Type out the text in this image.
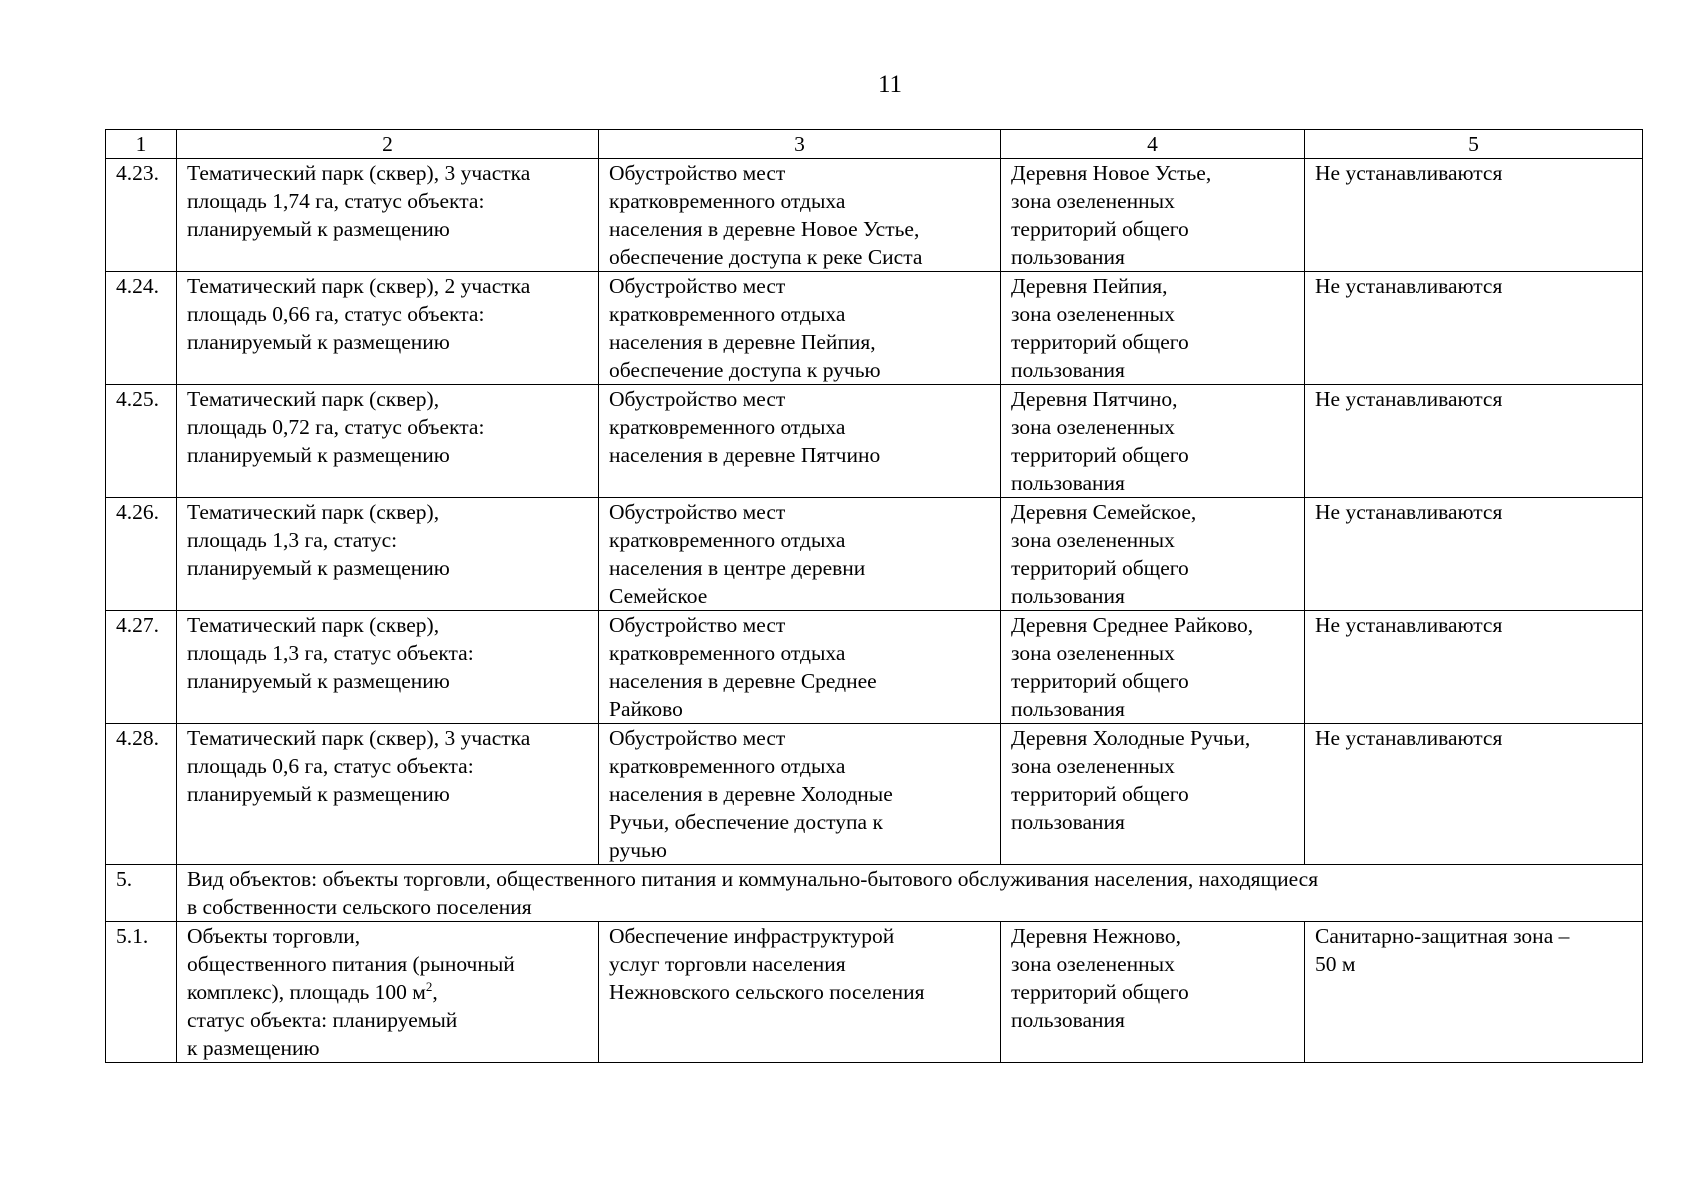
11
1	2	3	4	5
4.23.	Тематический парк (сквер), 3 участка
площадь 1,74 га, статус объекта:
планируемый к размещению	Обустройство мест
кратковременного отдыха
населения в деревне Новое Устье,
обеспечение доступа к реке Систа	Деревня Новое Устье,
зона озелененных
территорий общего
пользования	Не устанавливаются
4.24.	Тематический парк (сквер), 2 участка
площадь 0,66 га, статус объекта:
планируемый к размещению	Обустройство мест
кратковременного отдыха
населения в деревне Пейпия,
обеспечение доступа к ручью	Деревня Пейпия,
зона озелененных
территорий общего
пользования	Не устанавливаются
4.25.	Тематический парк (сквер),
площадь 0,72 га, статус объекта:
планируемый к размещению	Обустройство мест
кратковременного отдыха
населения в деревне Пятчино	Деревня Пятчино,
зона озелененных
территорий общего
пользования	Не устанавливаются
4.26.	Тематический парк (сквер),
площадь 1,3 га, статус:
планируемый к размещению	Обустройство мест
кратковременного отдыха
населения в центре деревни
Семейское	Деревня Семейское,
зона озелененных
территорий общего
пользования	Не устанавливаются
4.27.	Тематический парк (сквер),
площадь 1,3 га, статус объекта:
планируемый к размещению	Обустройство мест
кратковременного отдыха
населения в деревне Среднее
Райково	Деревня Среднее Райково,
зона озелененных
территорий общего
пользования	Не устанавливаются
4.28.	Тематический парк (сквер), 3 участка
площадь 0,6 га, статус объекта:
планируемый к размещению	Обустройство мест
кратковременного отдыха
населения в деревне Холодные
Ручьи, обеспечение доступа к
ручью	Деревня Холодные Ручьи,
зона озелененных
территорий общего
пользования	Не устанавливаются
5.	Вид объектов: объекты торговли, общественного питания и коммунально-бытового обслуживания населения, находящиеся
в собственности сельского поселения			
5.1.	Объекты торговли,
общественного питания (рыночный
комплекс), площадь 100 $м^2$,
статус объекта: планируемый
к размещению	Обеспечение инфраструктурой
услуг торговли населения
Нежновского сельского поселения	Деревня Нежново,
зона озелененных
территорий общего
пользования	Санитарно-защитная зона –
50 м
